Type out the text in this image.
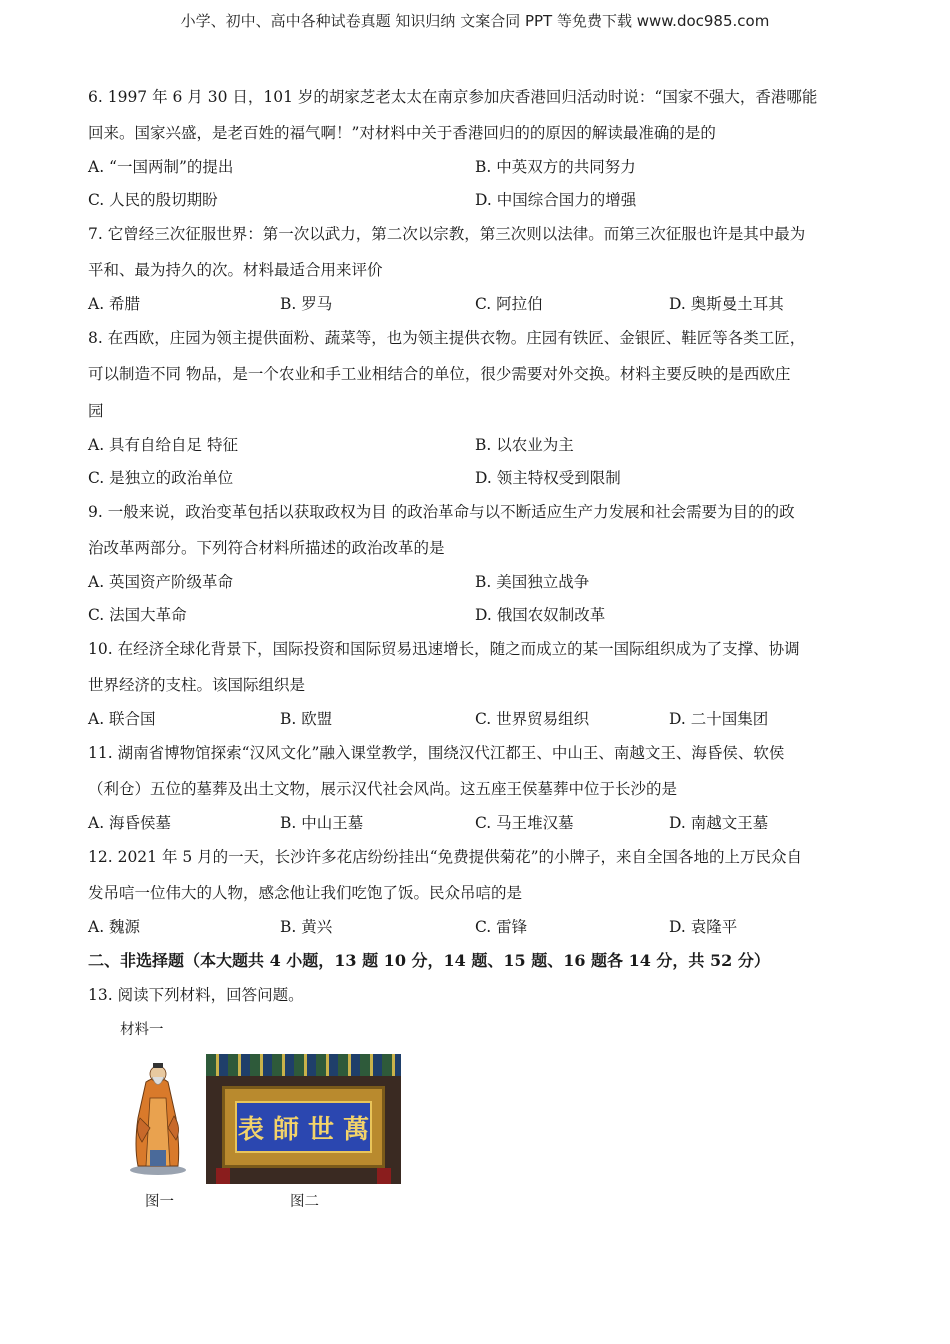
小学、初中、高中各种试卷真题 知识归纳 文案合同 PPT 等免费下载 www.doc985.com
6. 1997 年 6 月 30 日，101 岁的胡家芝老太太在南京参加庆香港回归活动时说：“国家不强大，香港哪能
回来。国家兴盛，是老百姓的福气啊！”对材料中关于香港回归的的原因的解读最准确的是的
A. “一国两制”的提出	B. 中英双方的共同努力
C. 人民的殷切期盼	D. 中国综合国力的增强
7. 它曾经三次征服世界：第一次以武力，第二次以宗教，第三次则以法律。而第三次征服也许是其中最为
平和、最为持久的次。材料最适合用来评价
A. 希腊	B. 罗马	C. 阿拉伯	D. 奥斯曼土耳其
8. 在西欧，庄园为领主提供面粉、蔬菜等，也为领主提供衣物。庄园有铁匠、金银匠、鞋匠等各类工匠，
可以制造不同 物品，是一个农业和手工业相结合的单位，很少需要对外交换。材料主要反映的是西欧庄
园
A. 具有自给自足 特征	B. 以农业为主
C. 是独立的政治单位	D. 领主特权受到限制
9. 一般来说，政治变革包括以获取政权为目 的政治革命与以不断适应生产力发展和社会需要为目的的政
治改革两部分。下列符合材料所描述的政治改革的是
A. 英国资产阶级革命	B. 美国独立战争
C. 法国大革命	D. 俄国农奴制改革
10. 在经济全球化背景下，国际投资和国际贸易迅速增长，随之而成立的某一国际组织成为了支撑、协调
世界经济的支柱。该国际组织是
A. 联合国	B. 欧盟	C. 世界贸易组织	D. 二十国集团
11. 湖南省博物馆探索“汉风文化”融入课堂教学，围绕汉代江都王、中山王、南越文王、海昏侯、软侯
（利仓）五位的墓葬及出土文物，展示汉代社会风尚。这五座王侯墓葬中位于长沙的是
A. 海昏侯墓	B. 中山王墓	C. 马王堆汉墓	D. 南越文王墓
12. 2021 年 5 月的一天，长沙许多花店纷纷挂出“免费提供菊花”的小牌子，来自全国各地的上万民众自
发吊唁一位伟大的人物，感念他让我们吃饱了饭。民众吊唁的是
A. 魏源	B. 黄兴	C. 雷锋	D. 袁隆平
二、非选择题（本大题共 4 小题，13 题 10 分，14 题、15 题、16 题各 14 分，共 52 分）
13. 阅读下列材料，回答问题。
材料一
表 師 世 萬
图一	图二
